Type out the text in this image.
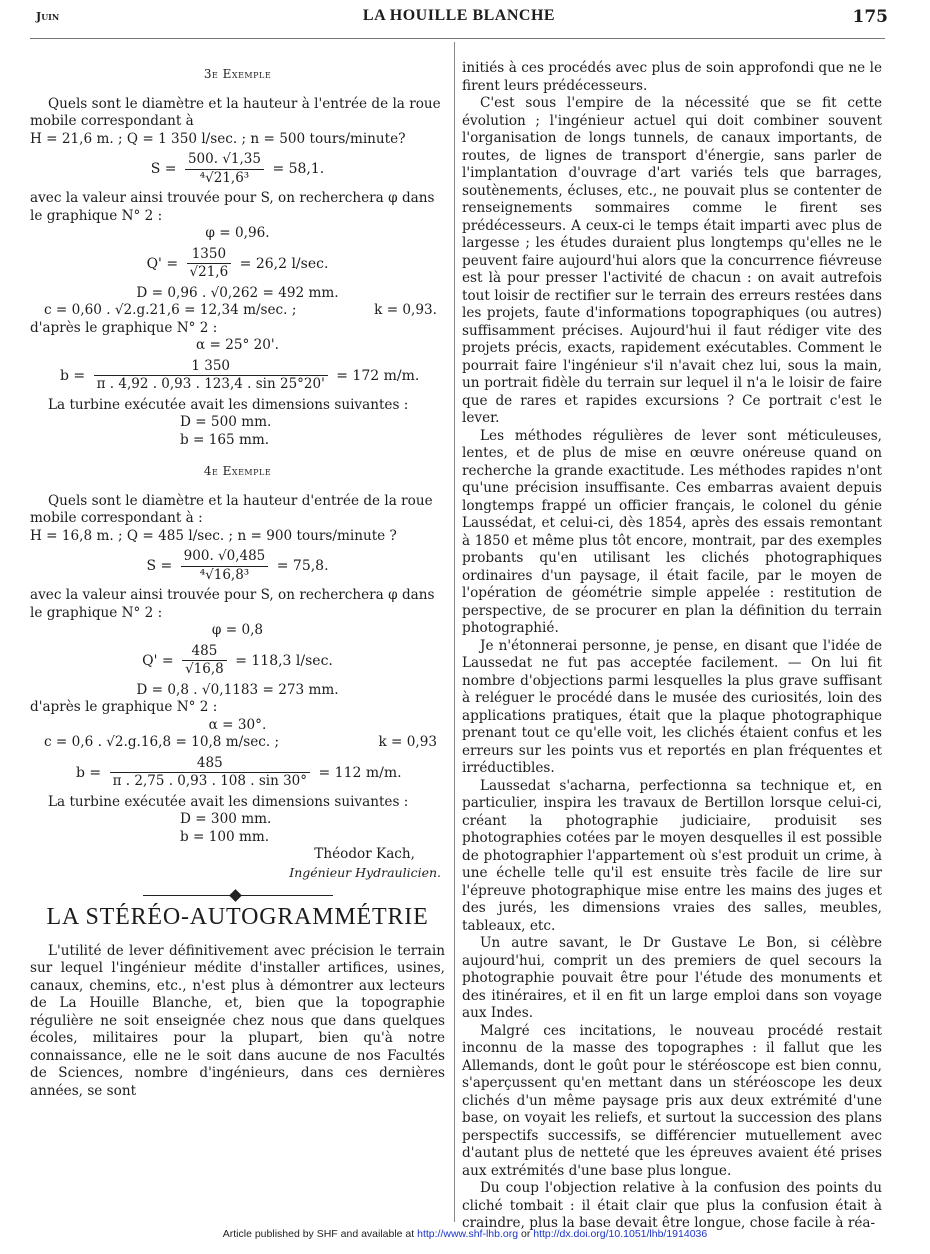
Juin	LA HOUILLE BLANCHE	175
3e Exemple

Quels sont le diamètre et la hauteur à l'entrée de la roue mobile correspondant à

H = 21,6 m. ; Q = 1 350 l/sec. ; n = 500 tours/minute?

$S = \frac{500. √1,35}{\text{⁴√21,6³}} = 58,1$.

avec la valeur ainsi trouvée pour S, on recherchera φ dans le graphique N° 2 :

φ = 0,96.
$Q' = \frac{1350}{√21,6} = 26,2$ l/sec.
D = 0,96 . √0,262 = 492 mm.
c = 0,60 . √2.g.21,6 = 12,34 m/sec. ;	k = 0,93.

d'après le graphique N° 2 :

α = 25° 20'.
$b = \frac{1 350}{\pi . 4,92 . 0,93 . 123,4 . \sin 25^\circ 20'} = 172$ m/m.

La turbine exécutée avait les dimensions suivantes :

D = 500 mm.
b = 165 mm.
4e Exemple

Quels sont le diamètre et la hauteur d'entrée de la roue mobile correspondant à :

H = 16,8 m. ; Q = 485 l/sec. ; n = 900 tours/minute ?

$S = \frac{900. √0,485}{\text{⁴√16,8³}} = 75,8$.

avec la valeur ainsi trouvée pour S, on recherchera φ dans le graphique N° 2 :

φ = 0,8
$Q' = \frac{485}{√16,8} = 118,3$ l/sec.
D = 0,8 . √0,1183 = 273 mm.

d'après le graphique N° 2 :

α = 30°.
c = 0,6 . √2.g.16,8 = 10,8 m/sec. ;	k = 0,93
$b = \frac{485}{\pi . 2,75 . 0,93 . 108 . \sin 30^\circ} = 112$ m/m.

La turbine exécutée avait les dimensions suivantes :

D = 300 mm.
b = 100 mm.
Théodor Kach,
Ingénieur Hydraulicien.
LA STÉRÉO-AUTOGRAMMÉTRIE

L'utilité de lever définitivement avec précision le terrain sur lequel l'ingénieur médite d'installer artifices, usines, canaux, chemins, etc., n'est plus à démontrer aux lecteurs de La Houille Blanche, et, bien que la topographie régulière ne soit enseignée chez nous que dans quelques écoles, militaires pour la plupart, bien qu'à notre connaissance, elle ne le soit dans aucune de nos Facultés de Sciences, nombre d'ingénieurs, dans ces dernières années, se sont

initiés à ces procédés avec plus de soin approfondi que ne le firent leurs prédécesseurs.

C'est sous l'empire de la nécessité que se fit cette évolution ; l'ingénieur actuel qui doit combiner souvent l'organisation de longs tunnels, de canaux importants, de routes, de lignes de transport d'énergie, sans parler de l'implantation d'ouvrage d'art variés tels que barrages, soutènements, écluses, etc., ne pouvait plus se contenter de renseignements sommaires comme le firent ses prédécesseurs. A ceux-ci le temps était imparti avec plus de largesse ; les études duraient plus longtemps qu'elles ne le peuvent faire aujourd'hui alors que la concurrence fiévreuse est là pour presser l'activité de chacun : on avait autrefois tout loisir de rectifier sur le terrain des erreurs restées dans les projets, faute d'informations topographiques (ou autres) suffisamment précises. Aujourd'hui il faut rédiger vite des projets précis, exacts, rapidement exécutables. Comment le pourrait faire l'ingénieur s'il n'avait chez lui, sous la main, un portrait fidèle du terrain sur lequel il n'a le loisir de faire que de rares et rapides excursions ? Ce portrait c'est le lever.

Les méthodes régulières de lever sont méticuleuses, lentes, et de plus de mise en œuvre onéreuse quand on recherche la grande exactitude. Les méthodes rapides n'ont qu'une précision insuffisante. Ces embarras avaient depuis longtemps frappé un officier français, le colonel du génie Laussédat, et celui-ci, dès 1854, après des essais remontant à 1850 et même plus tôt encore, montrait, par des exemples probants qu'en utilisant les clichés photographiques ordinaires d'un paysage, il était facile, par le moyen de l'opération de géométrie simple appelée : restitution de perspective, de se procurer en plan la définition du terrain photographié.

Je n'étonnerai personne, je pense, en disant que l'idée de Laussedat ne fut pas acceptée facilement. — On lui fit nombre d'objections parmi lesquelles la plus grave suffisant à reléguer le procédé dans le musée des curiosités, loin des applications pratiques, était que la plaque photographique prenant tout ce qu'elle voit, les clichés étaient confus et les erreurs sur les points vus et reportés en plan fréquentes et irréductibles.

Laussedat s'acharna, perfectionna sa technique et, en particulier, inspira les travaux de Bertillon lorsque celui-ci, créant la photographie judiciaire, produisit ses photographies cotées par le moyen desquelles il est possible de photographier l'appartement où s'est produit un crime, à une échelle telle qu'il est ensuite très facile de lire sur l'épreuve photographique mise entre les mains des juges et des jurés, les dimensions vraies des salles, meubles, tableaux, etc.

Un autre savant, le Dr Gustave Le Bon, si célèbre aujourd'hui, comprit un des premiers de quel secours la photographie pouvait être pour l'étude des monuments et des itinéraires, et il en fit un large emploi dans son voyage aux Indes.

Malgré ces incitations, le nouveau procédé restait inconnu de la masse des topographes : il fallut que les Allemands, dont le goût pour le stéréoscope est bien connu, s'aperçussent qu'en mettant dans un stéréoscope les deux clichés d'un même paysage pris aux deux extrémité d'une base, on voyait les reliefs, et surtout la succession des plans perspectifs successifs, se différencier mutuellement avec d'autant plus de netteté que les épreuves avaient été prises aux extrémités d'une base plus longue.

Du coup l'objection relative à la confusion des points du cliché tombait : il était clair que plus la confusion était à craindre, plus la base devait être longue, chose facile à réa-

Article published by SHF and available at http://www.shf-lhb.org or http://dx.doi.org/10.1051/lhb/1914036
